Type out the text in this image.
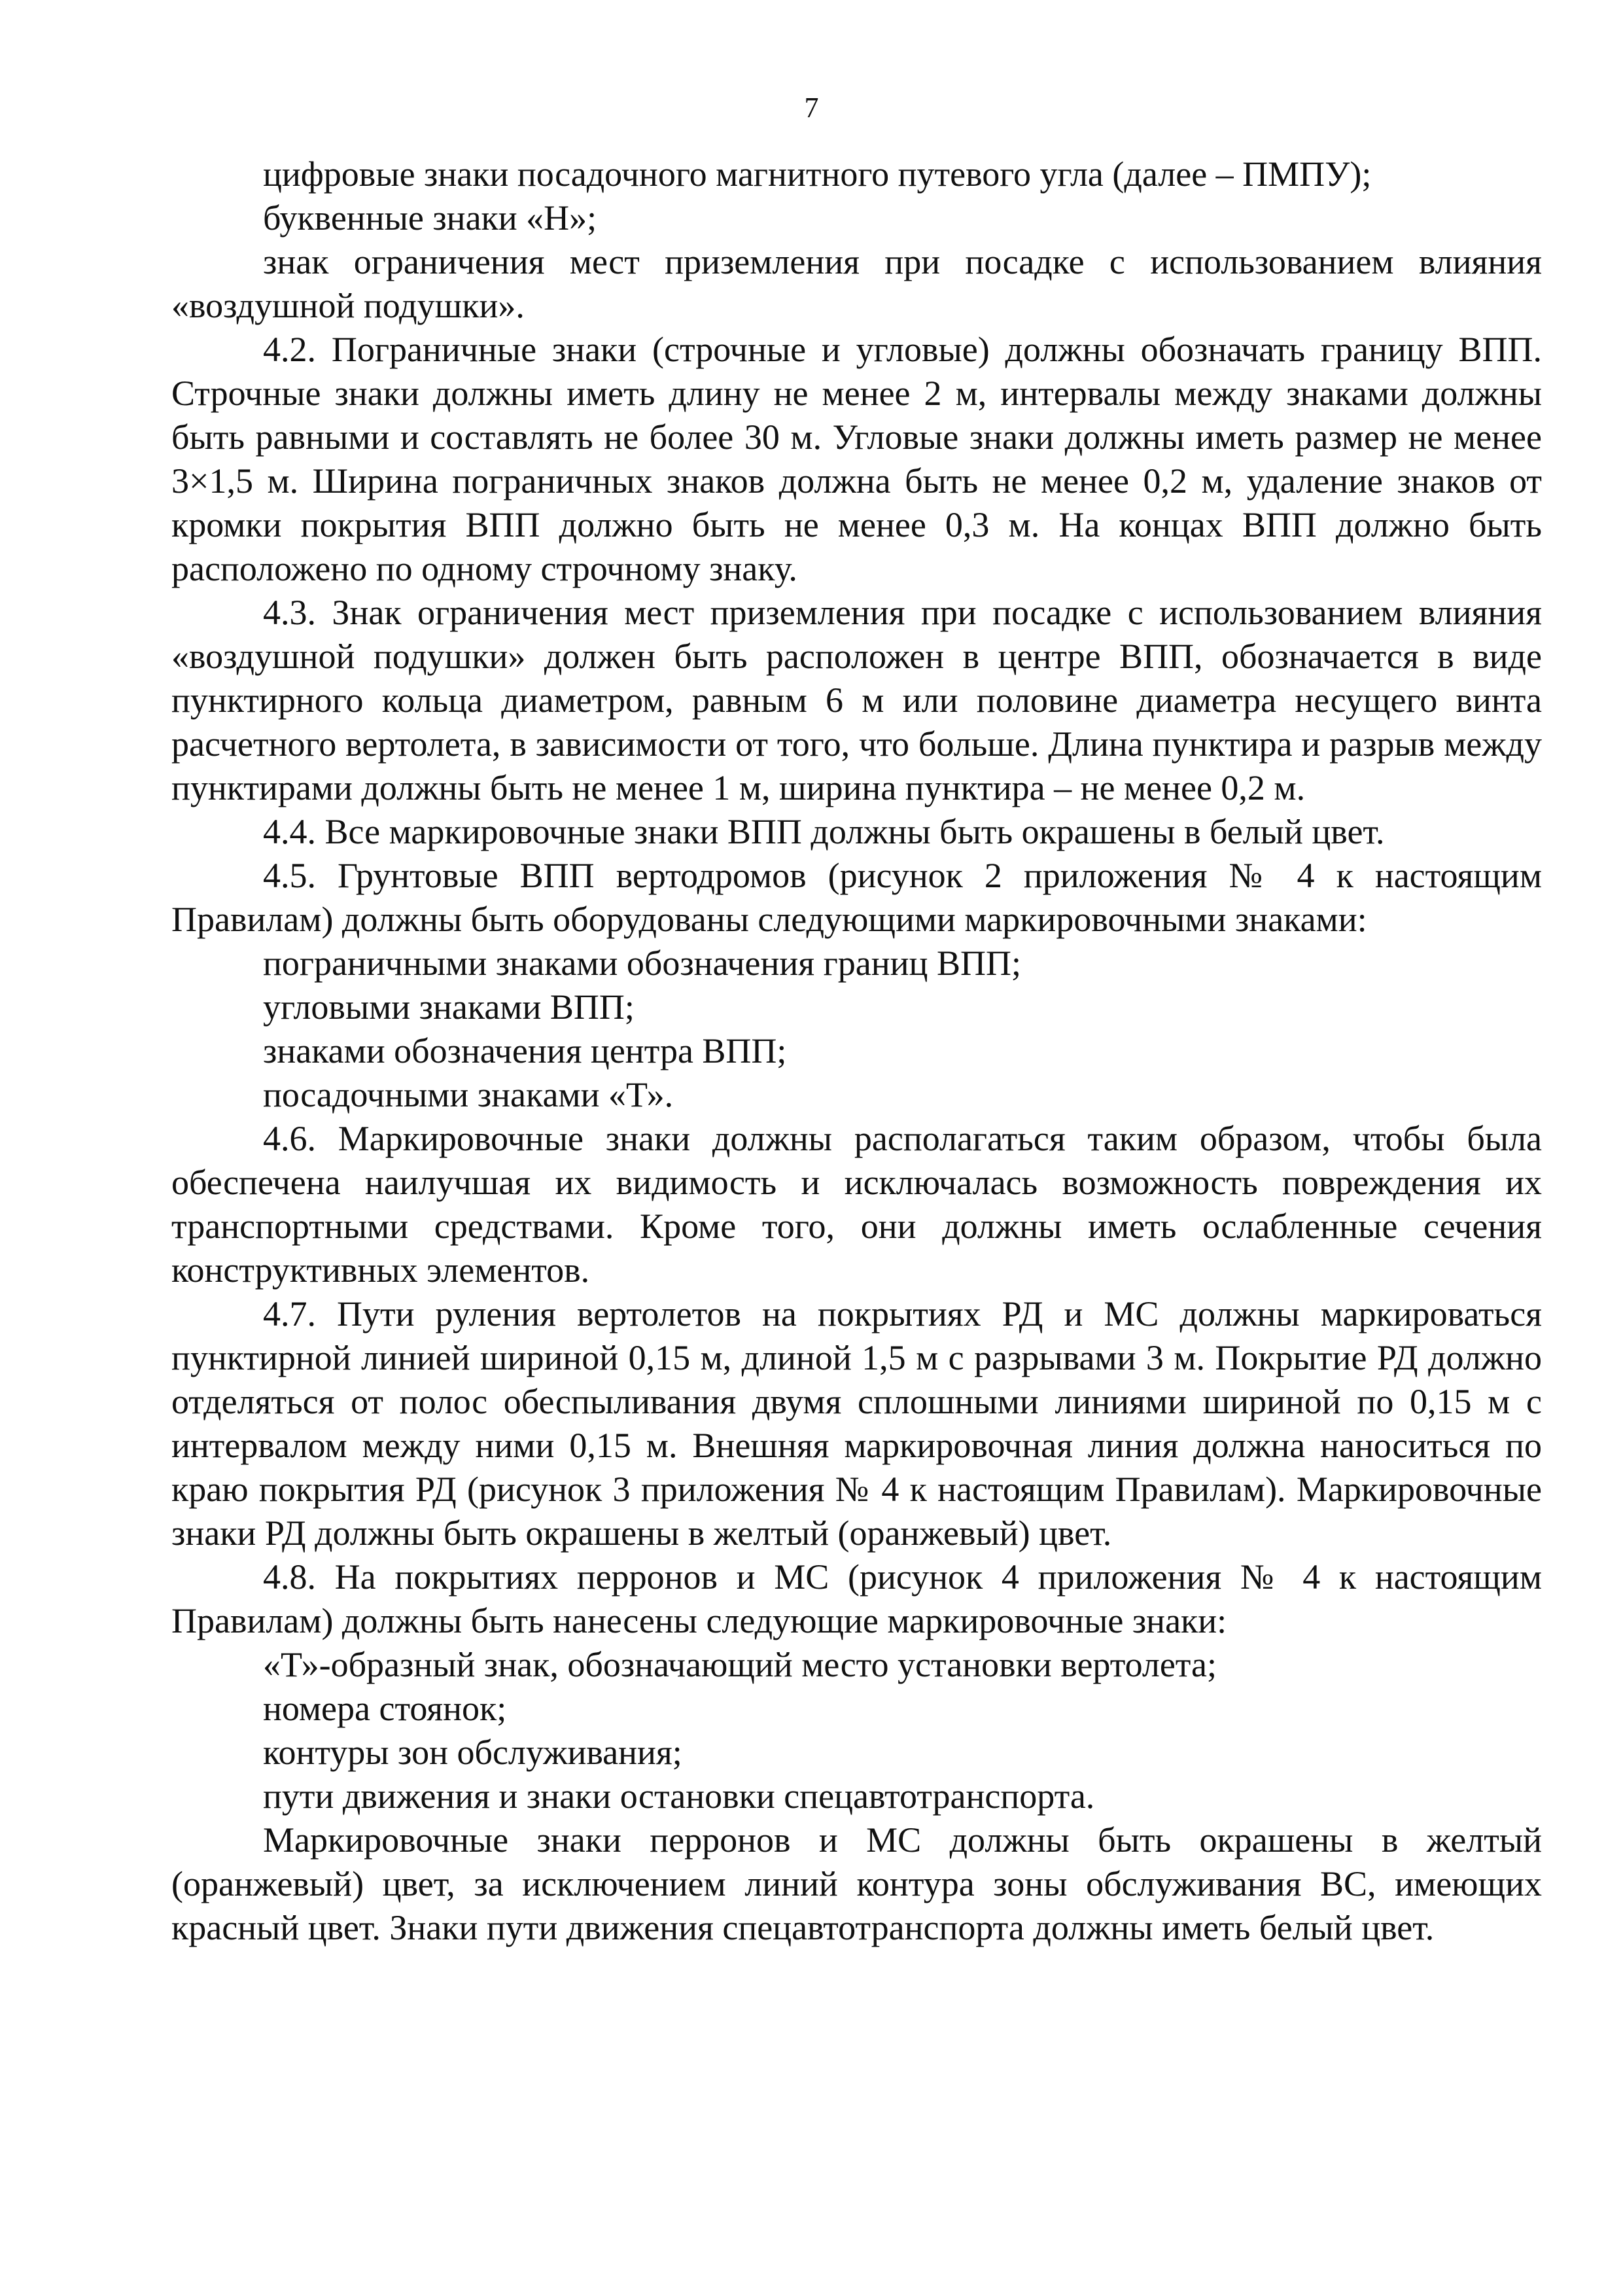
7

цифровые знаки посадочного магнитного путевого угла (далее – ПМПУ);

буквенные знаки «Н»;

знак ограничения мест приземления при посадке с использованием влияния «воздушной подушки».

4.2. Пограничные знаки (строчные и угловые) должны обозначать границу ВПП. Строчные знаки должны иметь длину не менее 2 м, интервалы между знаками должны быть равными и составлять не более 30 м. Угловые знаки должны иметь размер не менее 3×1,5 м. Ширина пограничных знаков должна быть не менее 0,2 м, удаление знаков от кромки покрытия ВПП должно быть не менее 0,3 м. На концах ВПП должно быть расположено по одному строчному знаку.

4.3. Знак ограничения мест приземления при посадке с использованием влияния «воздушной подушки» должен быть расположен в центре ВПП, обозначается в виде пунктирного кольца диаметром, равным 6 м или половине диаметра несущего винта расчетного вертолета, в зависимости от того, что больше. Длина пунктира и разрыв между пунктирами должны быть не менее 1 м, ширина пунктира – не менее 0,2 м.

4.4. Все маркировочные знаки ВПП должны быть окрашены в белый цвет.

4.5. Грунтовые ВПП вертодромов (рисунок 2 приложения № 4 к настоящим Правилам) должны быть оборудованы следующими маркировочными знаками:

пограничными знаками обозначения границ ВПП;

угловыми знаками ВПП;

знаками обозначения центра ВПП;

посадочными знаками «Т».

4.6. Маркировочные знаки должны располагаться таким образом, чтобы была обеспечена наилучшая их видимость и исключалась возможность повреждения их транспортными средствами. Кроме того, они должны иметь ослабленные сечения конструктивных элементов.

4.7. Пути руления вертолетов на покрытиях РД и МС должны маркироваться пунктирной линией шириной 0,15 м, длиной 1,5 м с разрывами 3 м. Покрытие РД должно отделяться от полос обеспыливания двумя сплошными линиями шириной по 0,15 м с интервалом между ними 0,15 м. Внешняя маркировочная линия должна наноситься по краю покрытия РД (рисунок 3 приложения № 4 к настоящим Правилам). Маркировочные знаки РД должны быть окрашены в желтый (оранжевый) цвет.

4.8. На покрытиях перронов и МС (рисунок 4 приложения № 4 к настоящим Правилам) должны быть нанесены следующие маркировочные знаки:

«Т»-образный знак, обозначающий место установки вертолета;

номера стоянок;

контуры зон обслуживания;

пути движения и знаки остановки спецавтотранспорта.

Маркировочные знаки перронов и МС должны быть окрашены в желтый (оранжевый) цвет, за исключением линий контура зоны обслуживания ВС, имеющих красный цвет. Знаки пути движения спецавтотранспорта должны иметь белый цвет.
